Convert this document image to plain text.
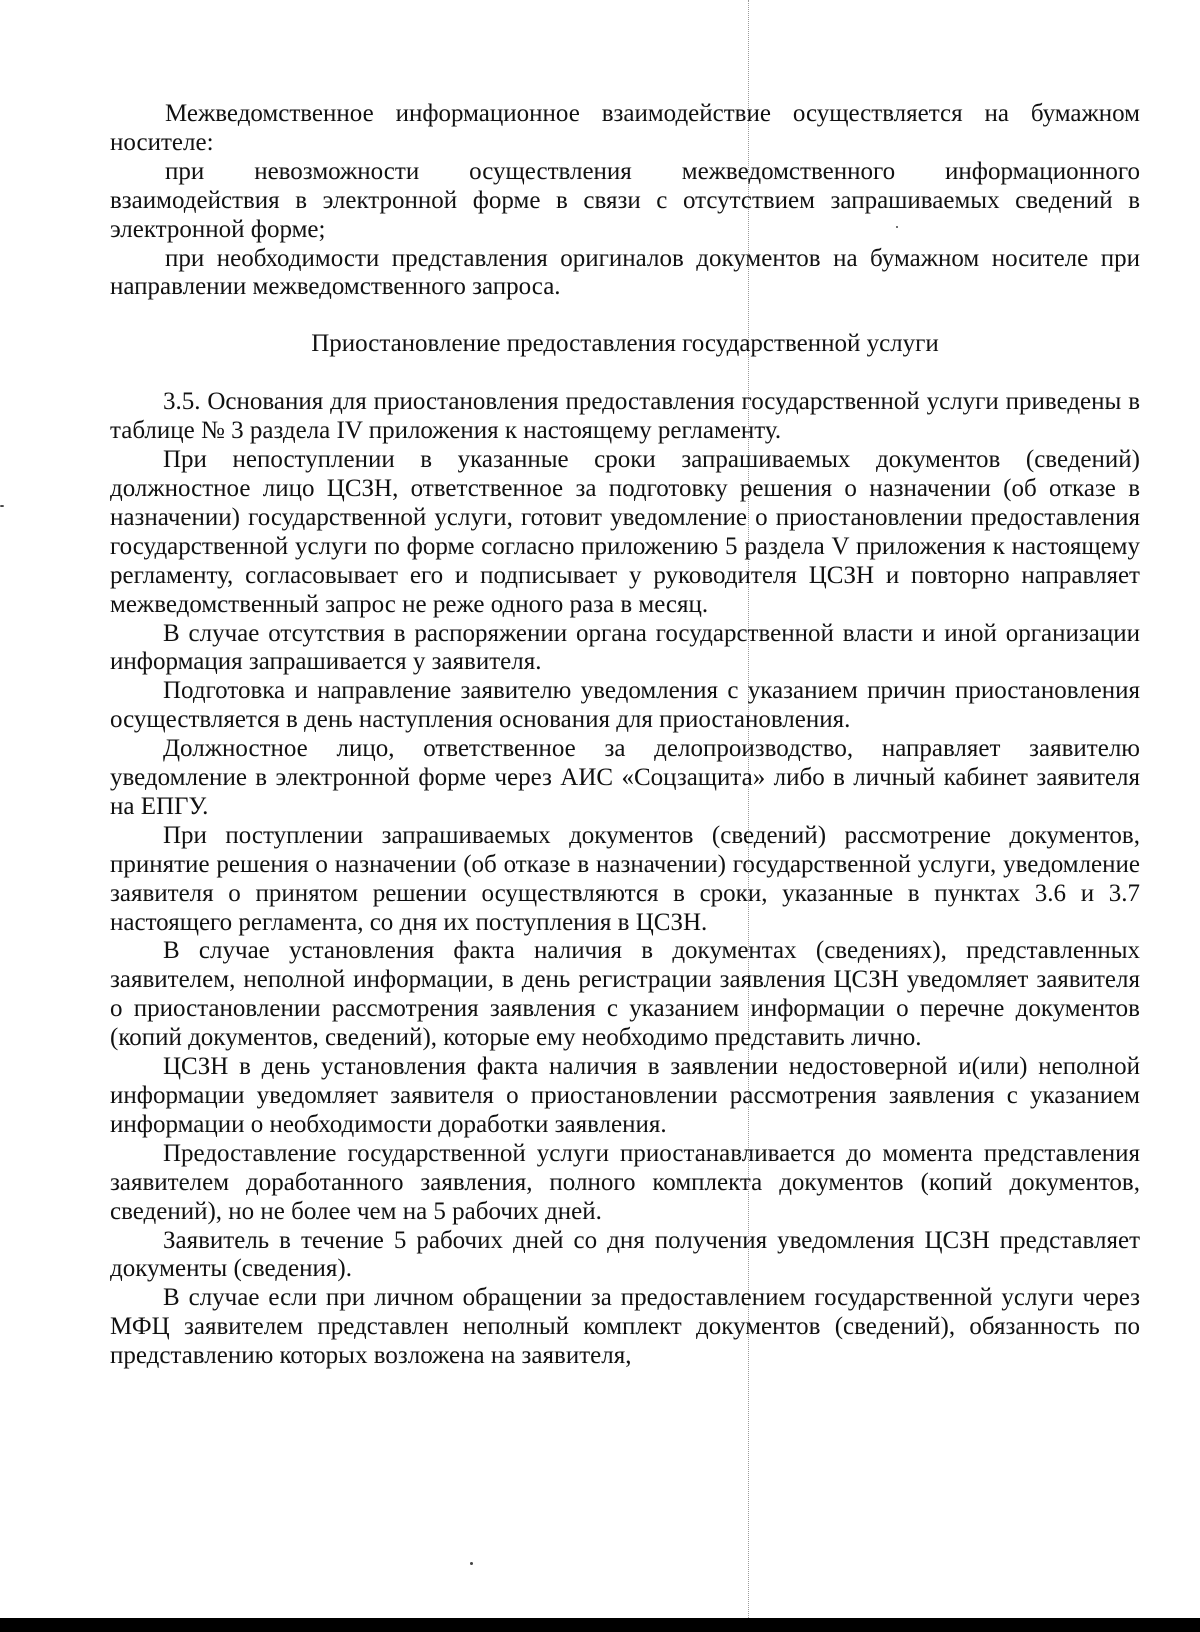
Межведомственное информационное взаимодействие осуществляется на бумажном носителе:

при невозможности осуществления межведомственного информационного взаимодействия в электронной форме в связи с отсутствием запрашиваемых сведений в электронной форме;

при необходимости представления оригиналов документов на бумажном носителе при направлении межведомственного запроса.

Приостановление предоставления государственной услуги

3.5. Основания для приостановления предоставления государственной услуги приведены в таблице № 3 раздела IV приложения к настоящему регламенту.

При непоступлении в указанные сроки запрашиваемых документов (сведений) должностное лицо ЦСЗН, ответственное за подготовку решения о назначении (об отказе в назначении) государственной услуги, готовит уведомление о приостановлении предоставления государственной услуги по форме согласно приложению 5 раздела V приложения к настоящему регламенту, согласовывает его и подписывает у руководителя ЦСЗН и повторно направляет межведомственный запрос не реже одного раза в месяц.

В случае отсутствия в распоряжении органа государственной власти и иной организации информация запрашивается у заявителя.

Подготовка и направление заявителю уведомления с указанием причин приостановления осуществляется в день наступления основания для приостановления.

Должностное лицо, ответственное за делопроизводство, направляет заявителю уведомление в электронной форме через АИС «Соцзащита» либо в личный кабинет заявителя на ЕПГУ.

При поступлении запрашиваемых документов (сведений) рассмотрение документов, принятие решения о назначении (об отказе в назначении) государственной услуги, уведомление заявителя о принятом решении осуществляются в сроки, указанные в пунктах 3.6 и 3.7 настоящего регламента, со дня их поступления в ЦСЗН.

В случае установления факта наличия в документах (сведениях), представленных заявителем, неполной информации, в день регистрации заявления ЦСЗН уведомляет заявителя о приостановлении рассмотрения заявления с указанием информации о перечне документов (копий документов, сведений), которые ему необходимо представить лично.

ЦСЗН в день установления факта наличия в заявлении недостоверной и(или) неполной информации уведомляет заявителя о приостановлении рассмотрения заявления с указанием информации о необходимости доработки заявления.

Предоставление государственной услуги приостанавливается до момента представления заявителем доработанного заявления, полного комплекта документов (копий документов, сведений), но не более чем на 5 рабочих дней.

Заявитель в течение 5 рабочих дней со дня получения уведомления ЦСЗН представляет документы (сведения).

В случае если при личном обращении за предоставлением государственной услуги через МФЦ заявителем представлен неполный комплект документов (сведений), обязанность по представлению которых возложена на заявителя,
